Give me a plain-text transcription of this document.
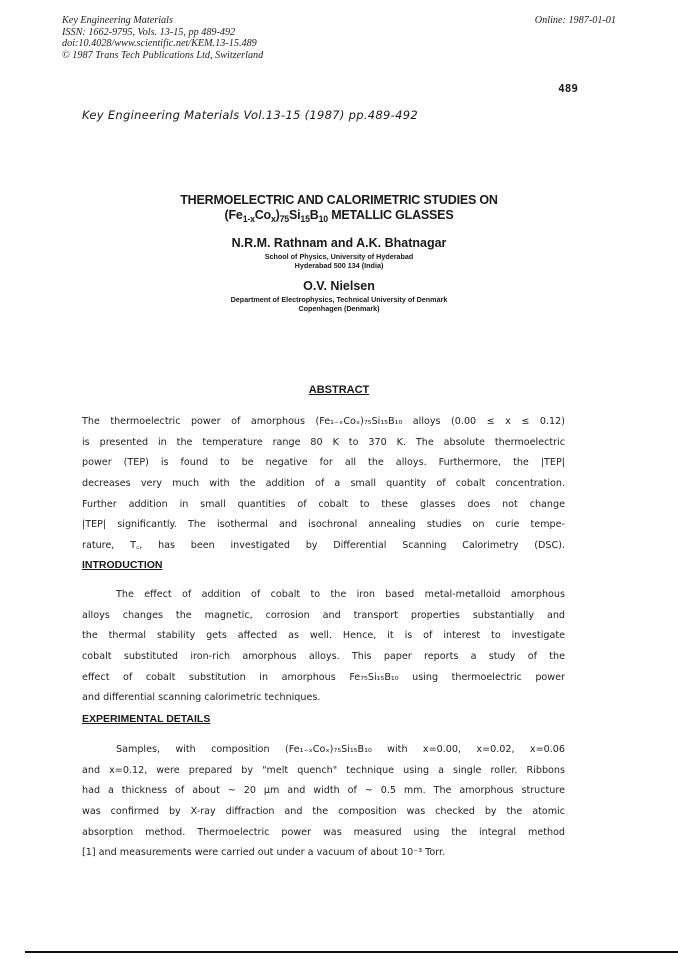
Key Engineering Materials
ISSN: 1662-9795, Vols. 13-15, pp 489-492
doi:10.4028/www.scientific.net/KEM.13-15.489
© 1987 Trans Tech Publications Ltd, Switzerland
Online: 1987-01-01
489
Key Engineering Materials Vol.13-15 (1987) pp.489-492
THERMOELECTRIC AND CALORIMETRIC STUDIES ON
$(Fe_{1-x}Co_x)_{75}Si_{15}B_{10}$ METALLIC GLASSES
N.R.M. Rathnam and A.K. Bhatnagar
School of Physics, University of Hyderabad
Hyderabad 500 134 (India)
O.V. Nielsen
Department of Electrophysics, Technical University of Denmark
Copenhagen (Denmark)
ABSTRACT
The thermoelectric power of amorphous (Fe₁₋ₓCoₓ)₇₅Si₁₅B₁₀ alloys (0.00 ≤ x ≤ 0.12)
is presented in the temperature range 80 K to 370 K. The absolute thermoelectric
power (TEP) is found to be negative for all the alloys. Furthermore, the |TEP|
decreases very much with the addition of a small quantity of cobalt concentration.
Further addition in small quantities of cobalt to these glasses does not change
|TEP| significantly. The isothermal and isochronal annealing studies on curie tempe-
rature, T꜀, has been investigated by Differential Scanning Calorimetry (DSC).
INTRODUCTION
The effect of addition of cobalt to the iron based metal-metalloid amorphous
alloys changes the magnetic, corrosion and transport properties substantially and
the thermal stability gets affected as well. Hence, it is of interest to investigate
cobalt substituted iron-rich amorphous alloys. This paper reports a study of the
effect of cobalt substitution in amorphous Fe₇₅Si₁₅B₁₀ using thermoelectric power
and differential scanning calorimetric techniques.
EXPERIMENTAL DETAILS
Samples, with composition (Fe₁₋ₓCoₓ)₇₅Si₁₅B₁₀ with x=0.00, x=0.02, x=0.06
and x=0.12, were prepared by "melt quench" technique using a single roller. Ribbons
had a thickness of about ~ 20 µm and width of ~ 0.5 mm. The amorphous structure
was confirmed by X-ray diffraction and the composition was checked by the atomic
absorption method. Thermoelectric power was measured using the integral method
[1] and measurements were carried out under a vacuum of about 10⁻³ Torr.
